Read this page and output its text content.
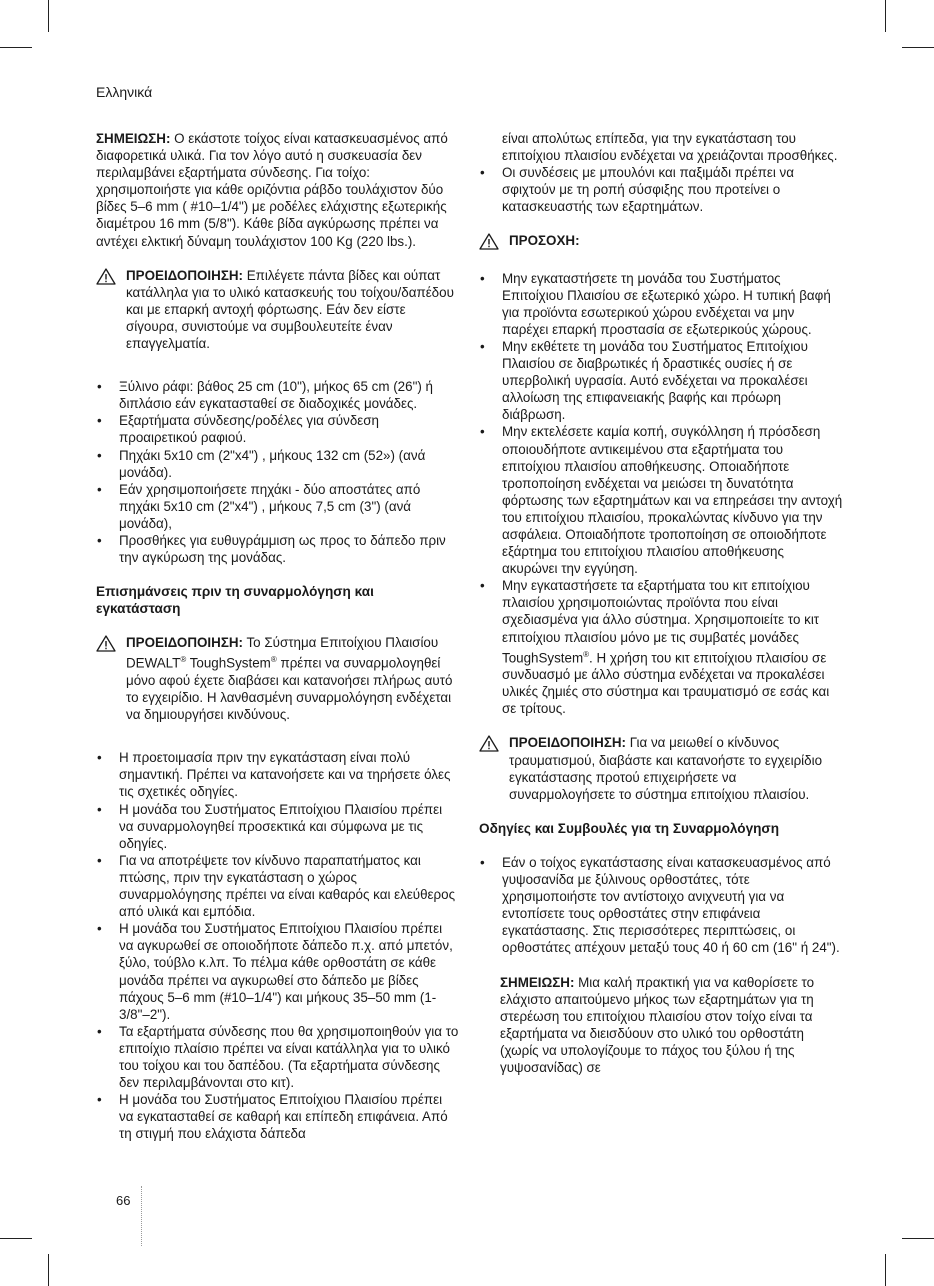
Ελληνικά

ΣΗΜΕΙΩΣΗ: Ο εκάστοτε τοίχος είναι κατασκευασμένος από διαφορετικά υλικά. Για τον λόγο αυτό η συσκευασία δεν περιλαμβάνει εξαρτήματα σύνδεσης. Για τοίχο: χρησιμοποιήστε για κάθε οριζόντια ράβδο τουλάχιστον δύο βίδες 5–6 mm ( #10–1/4") με ροδέλες ελάχιστης εξωτερικής διαμέτρου 16 mm (5/8"). Κάθε βίδα αγκύρωσης πρέπει να αντέχει ελκτική δύναμη τουλάχιστον 100 Kg (220 lbs.).

ΠΡΟΕΙΔΟΠΟΙΗΣΗ: Επιλέγετε πάντα βίδες και ούπατ κατάλληλα για το υλικό κατασκευής του τοίχου/δαπέδου και με επαρκή αντοχή φόρτωσης. Εάν δεν είστε σίγουρα, συνιστούμε να συμβουλευτείτε έναν επαγγελματία.

• Ξύλινο ράφι: βάθος 25 cm (10"), μήκος 65 cm (26") ή διπλάσιο εάν εγκατασταθεί σε διαδοχικές μονάδες.
• Εξαρτήματα σύνδεσης/ροδέλες για σύνδεση προαιρετικού ραφιού.
• Πηχάκι 5x10 cm (2"x4") , μήκους 132 cm (52») (ανά μονάδα).
• Εάν χρησιμοποιήσετε πηχάκι - δύο αποστάτες από πηχάκι 5x10 cm (2"x4") , μήκους 7,5 cm (3") (ανά μονάδα),
• Προσθήκες για ευθυγράμμιση ως προς το δάπεδο πριν την αγκύρωση της μονάδας.

Επισημάνσεις πριν τη συναρμολόγηση και εγκατάσταση

ΠΡΟΕΙΔΟΠΟΙΗΣΗ: Το Σύστημα Επιτοίχιου Πλαισίου DEWALT® ToughSystem® πρέπει να συναρμολογηθεί μόνο αφού έχετε διαβάσει και κατανοήσει πλήρως αυτό το εγχειρίδιο. Η λανθασμένη συναρμολόγηση ενδέχεται να δημιουργήσει κινδύνους.

• Η προετοιμασία πριν την εγκατάσταση είναι πολύ σημαντική. Πρέπει να κατανοήσετε και να τηρήσετε όλες τις σχετικές οδηγίες.
• Η μονάδα του Συστήματος Επιτοίχιου Πλαισίου πρέπει να συναρμολογηθεί προσεκτικά και σύμφωνα με τις οδηγίες.
• Για να αποτρέψετε τον κίνδυνο παραπατήματος και πτώσης, πριν την εγκατάσταση ο χώρος συναρμολόγησης πρέπει να είναι καθαρός και ελεύθερος από υλικά και εμπόδια.
• Η μονάδα του Συστήματος Επιτοίχιου Πλαισίου πρέπει να αγκυρωθεί σε οποιοδήποτε δάπεδο π.χ. από μπετόν, ξύλο, τούβλο κ.λπ. Το πέλμα κάθε ορθοστάτη σε κάθε μονάδα πρέπει να αγκυρωθεί στο δάπεδο με βίδες πάχους 5–6 mm (#10–1/4") και μήκους 35–50 mm (1-3/8"–2").
• Τα εξαρτήματα σύνδεσης που θα χρησιμοποιηθούν για το επιτοίχιο πλαίσιο πρέπει να είναι κατάλληλα για το υλικό του τοίχου και του δαπέδου. (Τα εξαρτήματα σύνδεσης δεν περιλαμβάνονται στο κιτ).
• Η μονάδα του Συστήματος Επιτοίχιου Πλαισίου πρέπει να εγκατασταθεί σε καθαρή και επίπεδη επιφάνεια. Από τη στιγμή που ελάχιστα δάπεδα

είναι απολύτως επίπεδα, για την εγκατάσταση του επιτοίχιου πλαισίου ενδέχεται να χρειάζονται προσθήκες.

• Οι συνδέσεις με μπουλόνι και παξιμάδι πρέπει να σφιχτούν με τη ροπή σύσφιξης που προτείνει ο κατασκευαστής των εξαρτημάτων.

ΠΡΟΣΟΧΗ:

• Μην εγκαταστήσετε τη μονάδα του Συστήματος Επιτοίχιου Πλαισίου σε εξωτερικό χώρο. Η τυπική βαφή για προϊόντα εσωτερικού χώρου ενδέχεται να μην παρέχει επαρκή προστασία σε εξωτερικούς χώρους.
• Μην εκθέτετε τη μονάδα του Συστήματος Επιτοίχιου Πλαισίου σε διαβρωτικές ή δραστικές ουσίες ή σε υπερβολική υγρασία. Αυτό ενδέχεται να προκαλέσει αλλοίωση της επιφανειακής βαφής και πρόωρη διάβρωση.
• Μην εκτελέσετε καμία κοπή, συγκόλληση ή πρόσδεση οποιουδήποτε αντικειμένου στα εξαρτήματα του επιτοίχιου πλαισίου αποθήκευσης. Οποιαδήποτε τροποποίηση ενδέχεται να μειώσει τη δυνατότητα φόρτωσης των εξαρτημάτων και να επηρεάσει την αντοχή του επιτοίχιου πλαισίου, προκαλώντας κίνδυνο για την ασφάλεια. Οποιαδήποτε τροποποίηση σε οποιοδήποτε εξάρτημα του επιτοίχιου πλαισίου αποθήκευσης ακυρώνει την εγγύηση.
• Μην εγκαταστήσετε τα εξαρτήματα του κιτ επιτοίχιου πλαισίου χρησιμοποιώντας προϊόντα που είναι σχεδιασμένα για άλλο σύστημα. Χρησιμοποιείτε το κιτ επιτοίχιου πλαισίου μόνο με τις συμβατές μονάδες ToughSystem®. Η χρήση του κιτ επιτοίχιου πλαισίου σε συνδυασμό με άλλο σύστημα ενδέχεται να προκαλέσει υλικές ζημιές στο σύστημα και τραυματισμό σε εσάς και σε τρίτους.

ΠΡΟΕΙΔΟΠΟΙΗΣΗ: Για να μειωθεί ο κίνδυνος τραυματισμού, διαβάστε και κατανοήστε το εγχειρίδιο εγκατάστασης προτού επιχειρήσετε να συναρμολογήσετε το σύστημα επιτοίχιου πλαισίου.

Οδηγίες και Συμβουλές για τη Συναρμολόγηση

• Εάν ο τοίχος εγκατάστασης είναι κατασκευασμένος από γυψοσανίδα με ξύλινους ορθοστάτες, τότε χρησιμοποιήστε τον αντίστοιχο ανιχνευτή για να εντοπίσετε τους ορθοστάτες στην επιφάνεια εγκατάστασης. Στις περισσότερες περιπτώσεις, οι ορθοστάτες απέχουν μεταξύ τους 40 ή 60 cm (16" ή 24").

ΣΗΜΕΙΩΣΗ: Μια καλή πρακτική για να καθορίσετε το ελάχιστο απαιτούμενο μήκος των εξαρτημάτων για τη στερέωση του επιτοίχιου πλαισίου στον τοίχο είναι τα εξαρτήματα να διεισδύουν στο υλικό του ορθοστάτη (χωρίς να υπολογίζουμε το πάχος του ξύλου ή της γυψοσανίδας) σε

66
